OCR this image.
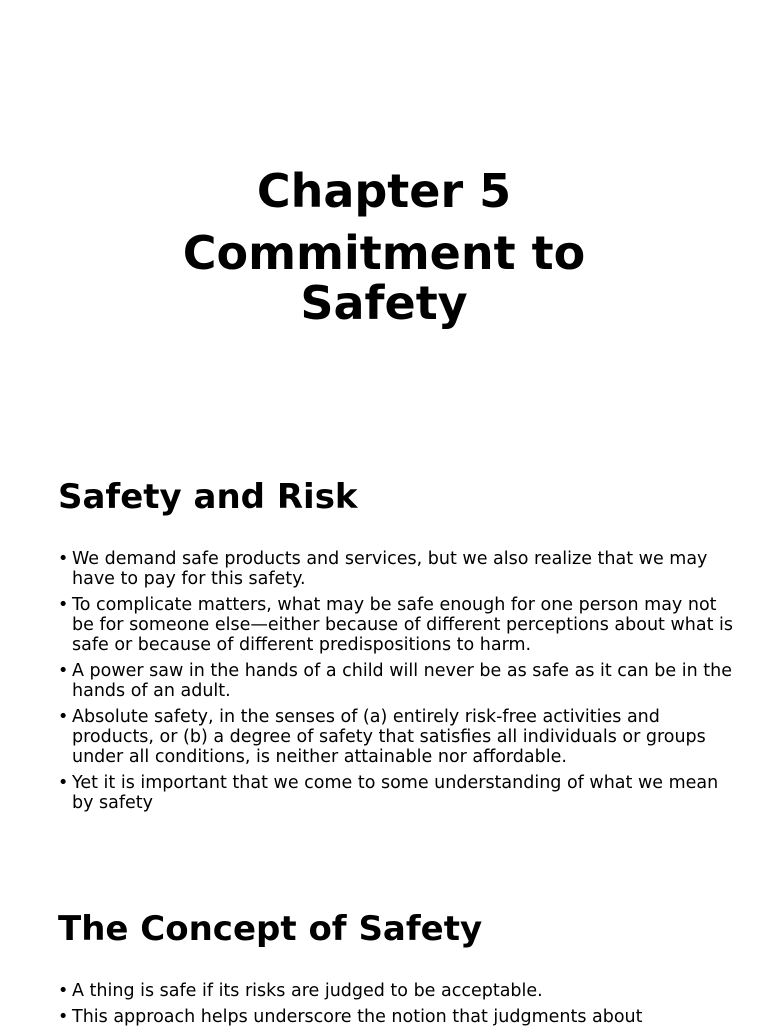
Chapter 5
Commitment to
Safety
Safety and Risk
• We demand safe products and services, but we also realize that we may have to pay for this safety.
• To complicate matters, what may be safe enough for one person may not be for someone else—either because of different perceptions about what is safe or because of different predispositions to harm.
• A power saw in the hands of a child will never be as safe as it can be in the hands of an adult.
• Absolute safety, in the senses of (a) entirely risk-free activities and products, or (b) a degree of safety that satisfies all individuals or groups under all conditions, is neither attainable nor affordable.
• Yet it is important that we come to some understanding of what we mean by safety
The Concept of Safety
• A thing is safe if its risks are judged to be acceptable.
• This approach helps underscore the notion that judgments about
